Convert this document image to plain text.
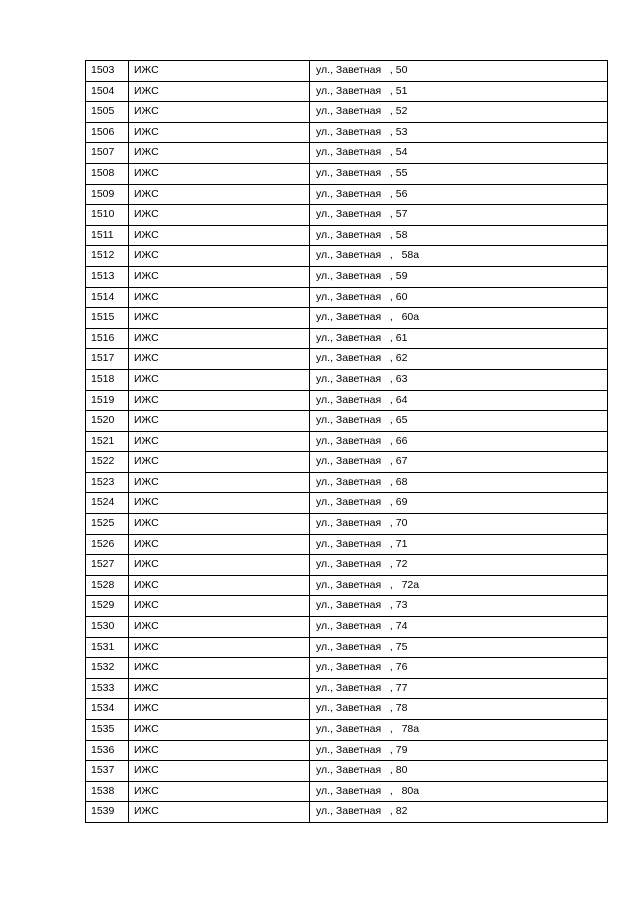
1503	ИЖС	ул., Заветная   , 50
1504	ИЖС	ул., Заветная   , 51
1505	ИЖС	ул., Заветная   , 52
1506	ИЖС	ул., Заветная   , 53
1507	ИЖС	ул., Заветная   , 54
1508	ИЖС	ул., Заветная   , 55
1509	ИЖС	ул., Заветная   , 56
1510	ИЖС	ул., Заветная   , 57
1511	ИЖС	ул., Заветная   , 58
1512	ИЖС	ул., Заветная   ,   58а
1513	ИЖС	ул., Заветная   , 59
1514	ИЖС	ул., Заветная   , 60
1515	ИЖС	ул., Заветная   ,   60а
1516	ИЖС	ул., Заветная   , 61
1517	ИЖС	ул., Заветная   , 62
1518	ИЖС	ул., Заветная   , 63
1519	ИЖС	ул., Заветная   , 64
1520	ИЖС	ул., Заветная   , 65
1521	ИЖС	ул., Заветная   , 66
1522	ИЖС	ул., Заветная   , 67
1523	ИЖС	ул., Заветная   , 68
1524	ИЖС	ул., Заветная   , 69
1525	ИЖС	ул., Заветная   , 70
1526	ИЖС	ул., Заветная   , 71
1527	ИЖС	ул., Заветная   , 72
1528	ИЖС	ул., Заветная   ,   72а
1529	ИЖС	ул., Заветная   , 73
1530	ИЖС	ул., Заветная   , 74
1531	ИЖС	ул., Заветная   , 75
1532	ИЖС	ул., Заветная   , 76
1533	ИЖС	ул., Заветная   , 77
1534	ИЖС	ул., Заветная   , 78
1535	ИЖС	ул., Заветная   ,   78а
1536	ИЖС	ул., Заветная   , 79
1537	ИЖС	ул., Заветная   , 80
1538	ИЖС	ул., Заветная   ,   80а
1539	ИЖС	ул., Заветная   , 82
